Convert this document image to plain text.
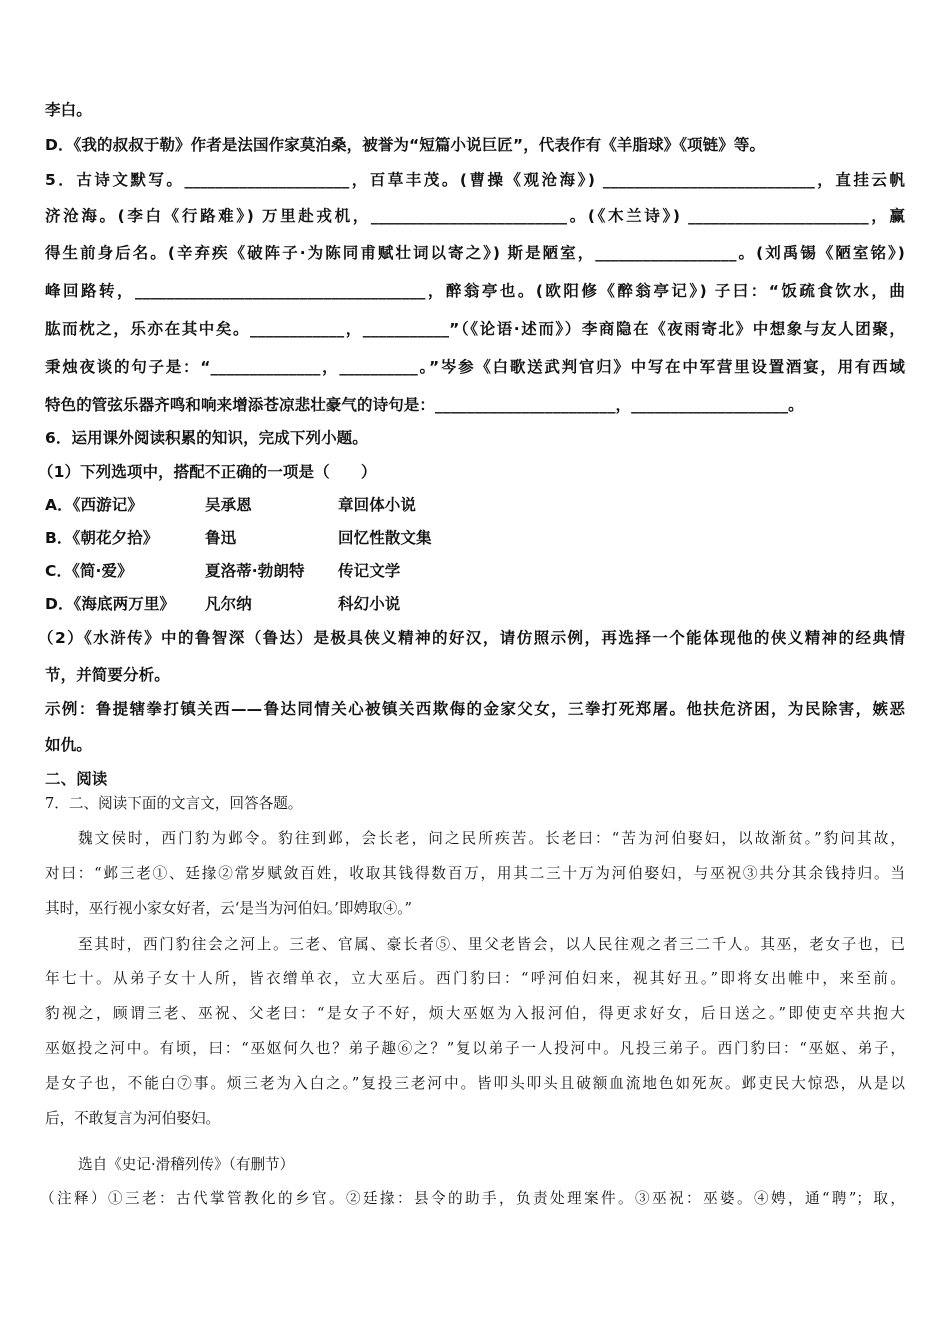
李白。
D．《我的叔叔于勒》作者是法国作家莫泊桑，被誉为“短篇小说巨匠”，代表作有《羊脂球》《项链》等。
5．古诗文默写。_____________________，百草丰茂。(曹操《观沧海》) ___________________________，直挂云帆
济沧海。(李白《行路难》) 万里赴戎机，_________________________。(《木兰诗》) _______________________，赢
得生前身后名。(辛弃疾《破阵子·为陈同甫赋壮词以寄之》) 斯是陋室，__________________。(刘禹锡《陋室铭》)
峰回路转，_____________________________________，醉翁亭也。(欧阳修《醉翁亭记》) 子曰：“饭疏食饮水，曲
肱而枕之，乐亦在其中矣。____________，___________”（《论语·述而》）李商隐在《夜雨寄北》中想象与友人团聚，
秉烛夜谈的句子是：“______________，__________。”岑参《白歌送武判官归》中写在中军营里设置酒宴，用有西域
特色的管弦乐器齐鸣和响来增添苍凉悲壮豪气的诗句是：_______________________，____________________。
6．运用课外阅读积累的知识，完成下列小题。
（1）下列选项中，搭配不正确的一项是（　　）
A．《西游记》	吴承恩	章回体小说
B．《朝花夕拾》	鲁迅	回忆性散文集
C．《简·爱》	夏洛蒂·勃朗特 传记文学
D．《海底两万里》 凡尔纳	科幻小说
（2）《水浒传》中的鲁智深（鲁达）是极具侠义精神的好汉，请仿照示例，再选择一个能体现他的侠义精神的经典情
节，并简要分析。
示例：鲁提辖拳打镇关西——鲁达同情关心被镇关西欺侮的金家父女，三拳打死郑屠。他扶危济困，为民除害，嫉恶
如仇。
二、阅读
7．二、阅读下面的文言文，回答各题。
魏文侯时，西门豹为邺令。豹往到邺，会长老，问之民所疾苦。长老曰：“苦为河伯娶妇，以故渐贫。”豹问其故，
对曰：“邺三老①、廷掾②常岁赋敛百姓，收取其钱得数百万，用其二三十万为河伯娶妇，与巫祝③共分其余钱持归。当
其时，巫行视小家女好者，云‘是当为河伯妇。’即娉取④。”
至其时，西门豹往会之河上。三老、官属、豪长者⑤、里父老皆会，以人民往观之者三二千人。其巫，老女子也，已
年七十。从弟子女十人所，皆衣缯单衣，立大巫后。西门豹曰：“呼河伯妇来，视其好丑。”即将女出帷中，来至前。
豹视之，顾谓三老、巫祝、父老曰：“是女子不好，烦大巫妪为入报河伯，得更求好女，后日送之。”即使吏卒共抱大
巫妪投之河中。有顷，曰：“巫妪何久也？弟子趣⑥之？”复以弟子一人投河中。凡投三弟子。西门豹曰：“巫妪、弟子，
是女子也，不能白⑦事。烦三老为入白之。”复投三老河中。皆叩头叩头且破额血流地色如死灰。邺吏民大惊恐，从是以
后，不敢复言为河伯娶妇。
选自《史记·滑稽列传》（有删节）
（注释）①三老：古代掌管教化的乡官。②廷掾：县令的助手，负责处理案件。③巫祝：巫婆。④娉，通“聘”；取，
